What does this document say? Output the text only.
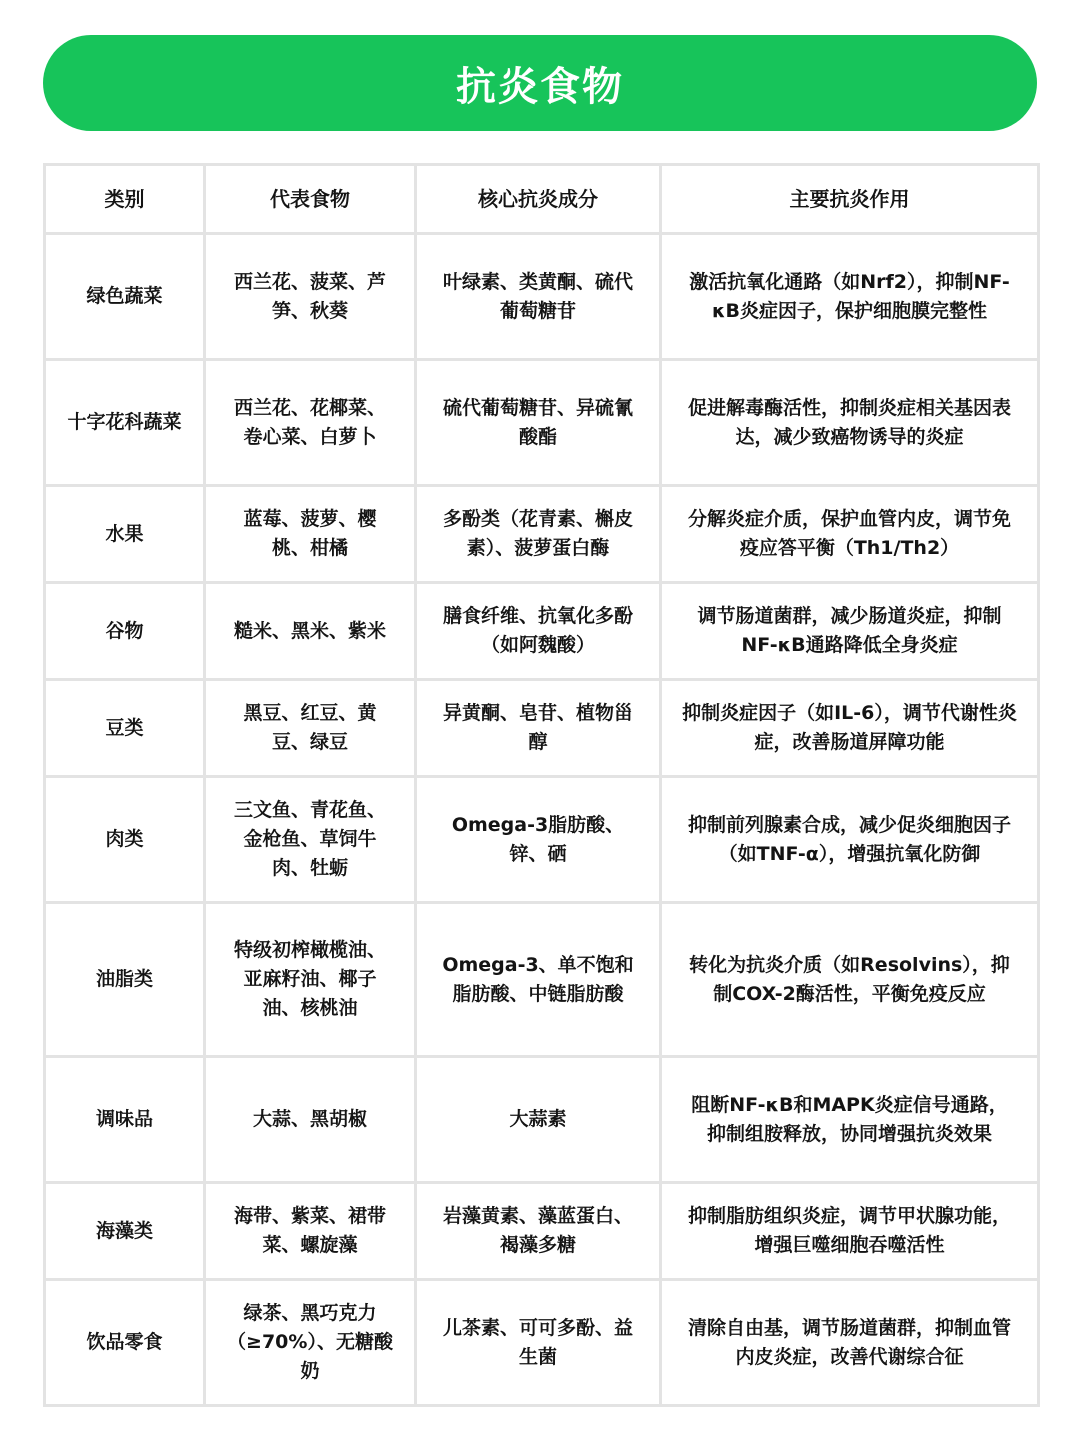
抗炎食物
类别	代表食物	核心抗炎成分	主要抗炎作用
绿色蔬菜	西兰花、菠菜、芦笋、秋葵	叶绿素、类黄酮、硫代葡萄糖苷	激活抗氧化通路（如Nrf2），抑制NF-κB炎症因子，保护细胞膜完整性
十字花科蔬菜	西兰花、花椰菜、卷心菜、白萝卜	硫代葡萄糖苷、异硫氰酸酯	促进解毒酶活性，抑制炎症相关基因表达，减少致癌物诱导的炎症
水果	蓝莓、菠萝、樱桃、柑橘	多酚类（花青素、槲皮素）、菠萝蛋白酶	分解炎症介质，保护血管内皮，调节免疫应答平衡（Th1/Th2）
谷物	糙米、黑米、紫米	膳食纤维、抗氧化多酚（如阿魏酸）	调节肠道菌群，减少肠道炎症，抑制NF-κB通路降低全身炎症
豆类	黑豆、红豆、黄豆、绿豆	异黄酮、皂苷、植物甾醇	抑制炎症因子（如IL-6），调节代谢性炎症，改善肠道屏障功能
肉类	三文鱼、青花鱼、金枪鱼、草饲牛肉、牡蛎	Omega-3脂肪酸、锌、硒	抑制前列腺素合成，减少促炎细胞因子（如TNF-α），增强抗氧化防御
油脂类	特级初榨橄榄油、亚麻籽油、椰子油、核桃油	Omega-3、单不饱和脂肪酸、中链脂肪酸	转化为抗炎介质（如Resolvins），抑制COX-2酶活性，平衡免疫反应
调味品	大蒜、黑胡椒	大蒜素	阻断NF-κB和MAPK炎症信号通路，抑制组胺释放，协同增强抗炎效果
海藻类	海带、紫菜、裙带菜、螺旋藻	岩藻黄素、藻蓝蛋白、褐藻多糖	抑制脂肪组织炎症，调节甲状腺功能，增强巨噬细胞吞噬活性
饮品零食	绿茶、黑巧克力（≥70%）、无糖酸奶	儿茶素、可可多酚、益生菌	清除自由基，调节肠道菌群，抑制血管内皮炎症，改善代谢综合征
